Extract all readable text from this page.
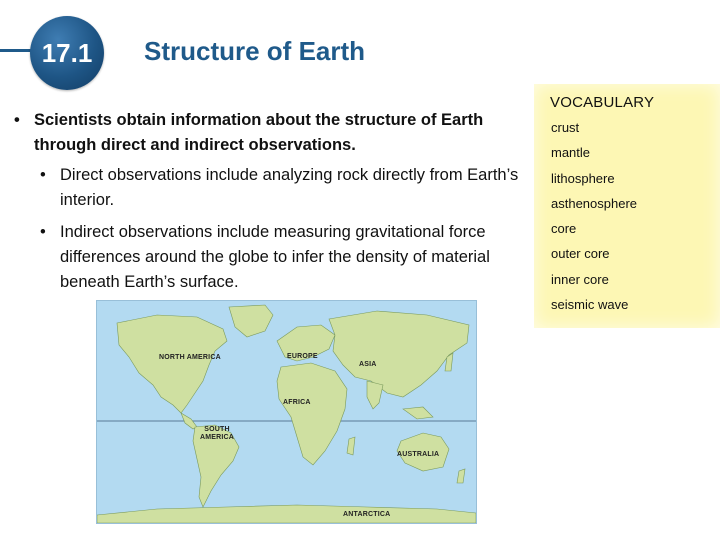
17.1 Structure of Earth
• Scientists obtain information about the structure of Earth through direct and indirect observations.
• Direct observations include analyzing rock directly from Earth’s interior.
• Indirect observations include measuring gravitational force differences around the globe to infer the density of material beneath Earth’s surface.
VOCABULARY
crust
mantle
lithosphere
asthenosphere
core
outer core
inner core
seismic wave
NORTH AMERICA	EUROPE
ASIA
AFRICA
SOUTH AMERICA
AUSTRALIA
ANTARCTICA
